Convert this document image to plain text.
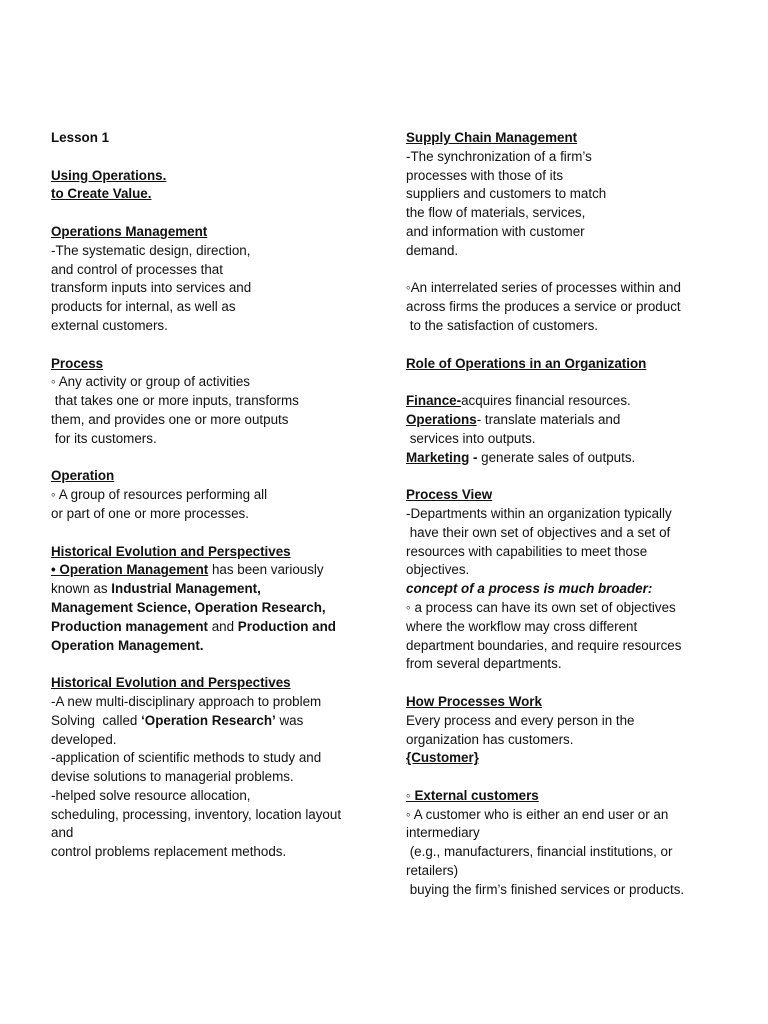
Lesson 1

Using Operations.

to Create Value.

Operations Management

-The systematic design, direction,

and control of processes that

transform inputs into services and

products for internal, as well as

external customers.

Process

◦ Any activity or group of activities

that takes one or more inputs, transforms

them, and provides one or more outputs

for its customers.

Operation

◦ A group of resources performing all

or part of one or more processes.

Historical Evolution and Perspectives

• Operation Management has been variously

known as Industrial Management,

Management Science, Operation Research,

Production management and Production and

Operation Management.

Historical Evolution and Perspectives

-A new multi-disciplinary approach to problem

Solving  called ‘Operation Research’ was

developed.

-application of scientific methods to study and

devise solutions to managerial problems.

-helped solve resource allocation,

scheduling, processing, inventory, location layout

and

control problems replacement methods.

Supply Chain Management

-The synchronization of a firm’s

processes with those of its

suppliers and customers to match

the flow of materials, services,

and information with customer

demand.

◦An interrelated series of processes within and

across firms the produces a service or product

to the satisfaction of customers.

Role of Operations in an Organization

Finance-acquires financial resources.

Operations- translate materials and

services into outputs.

Marketing - generate sales of outputs.

Process View

-Departments within an organization typically

have their own set of objectives and a set of

resources with capabilities to meet those

objectives.

concept of a process is much broader:

◦ a process can have its own set of objectives

where the workflow may cross different

department boundaries, and require resources

from several departments.

How Processes Work

Every process and every person in the

organization has customers.

{Customer}

◦ External customers

◦ A customer who is either an end user or an

intermediary

(e.g., manufacturers, financial institutions, or

retailers)

buying the firm’s finished services or products.
